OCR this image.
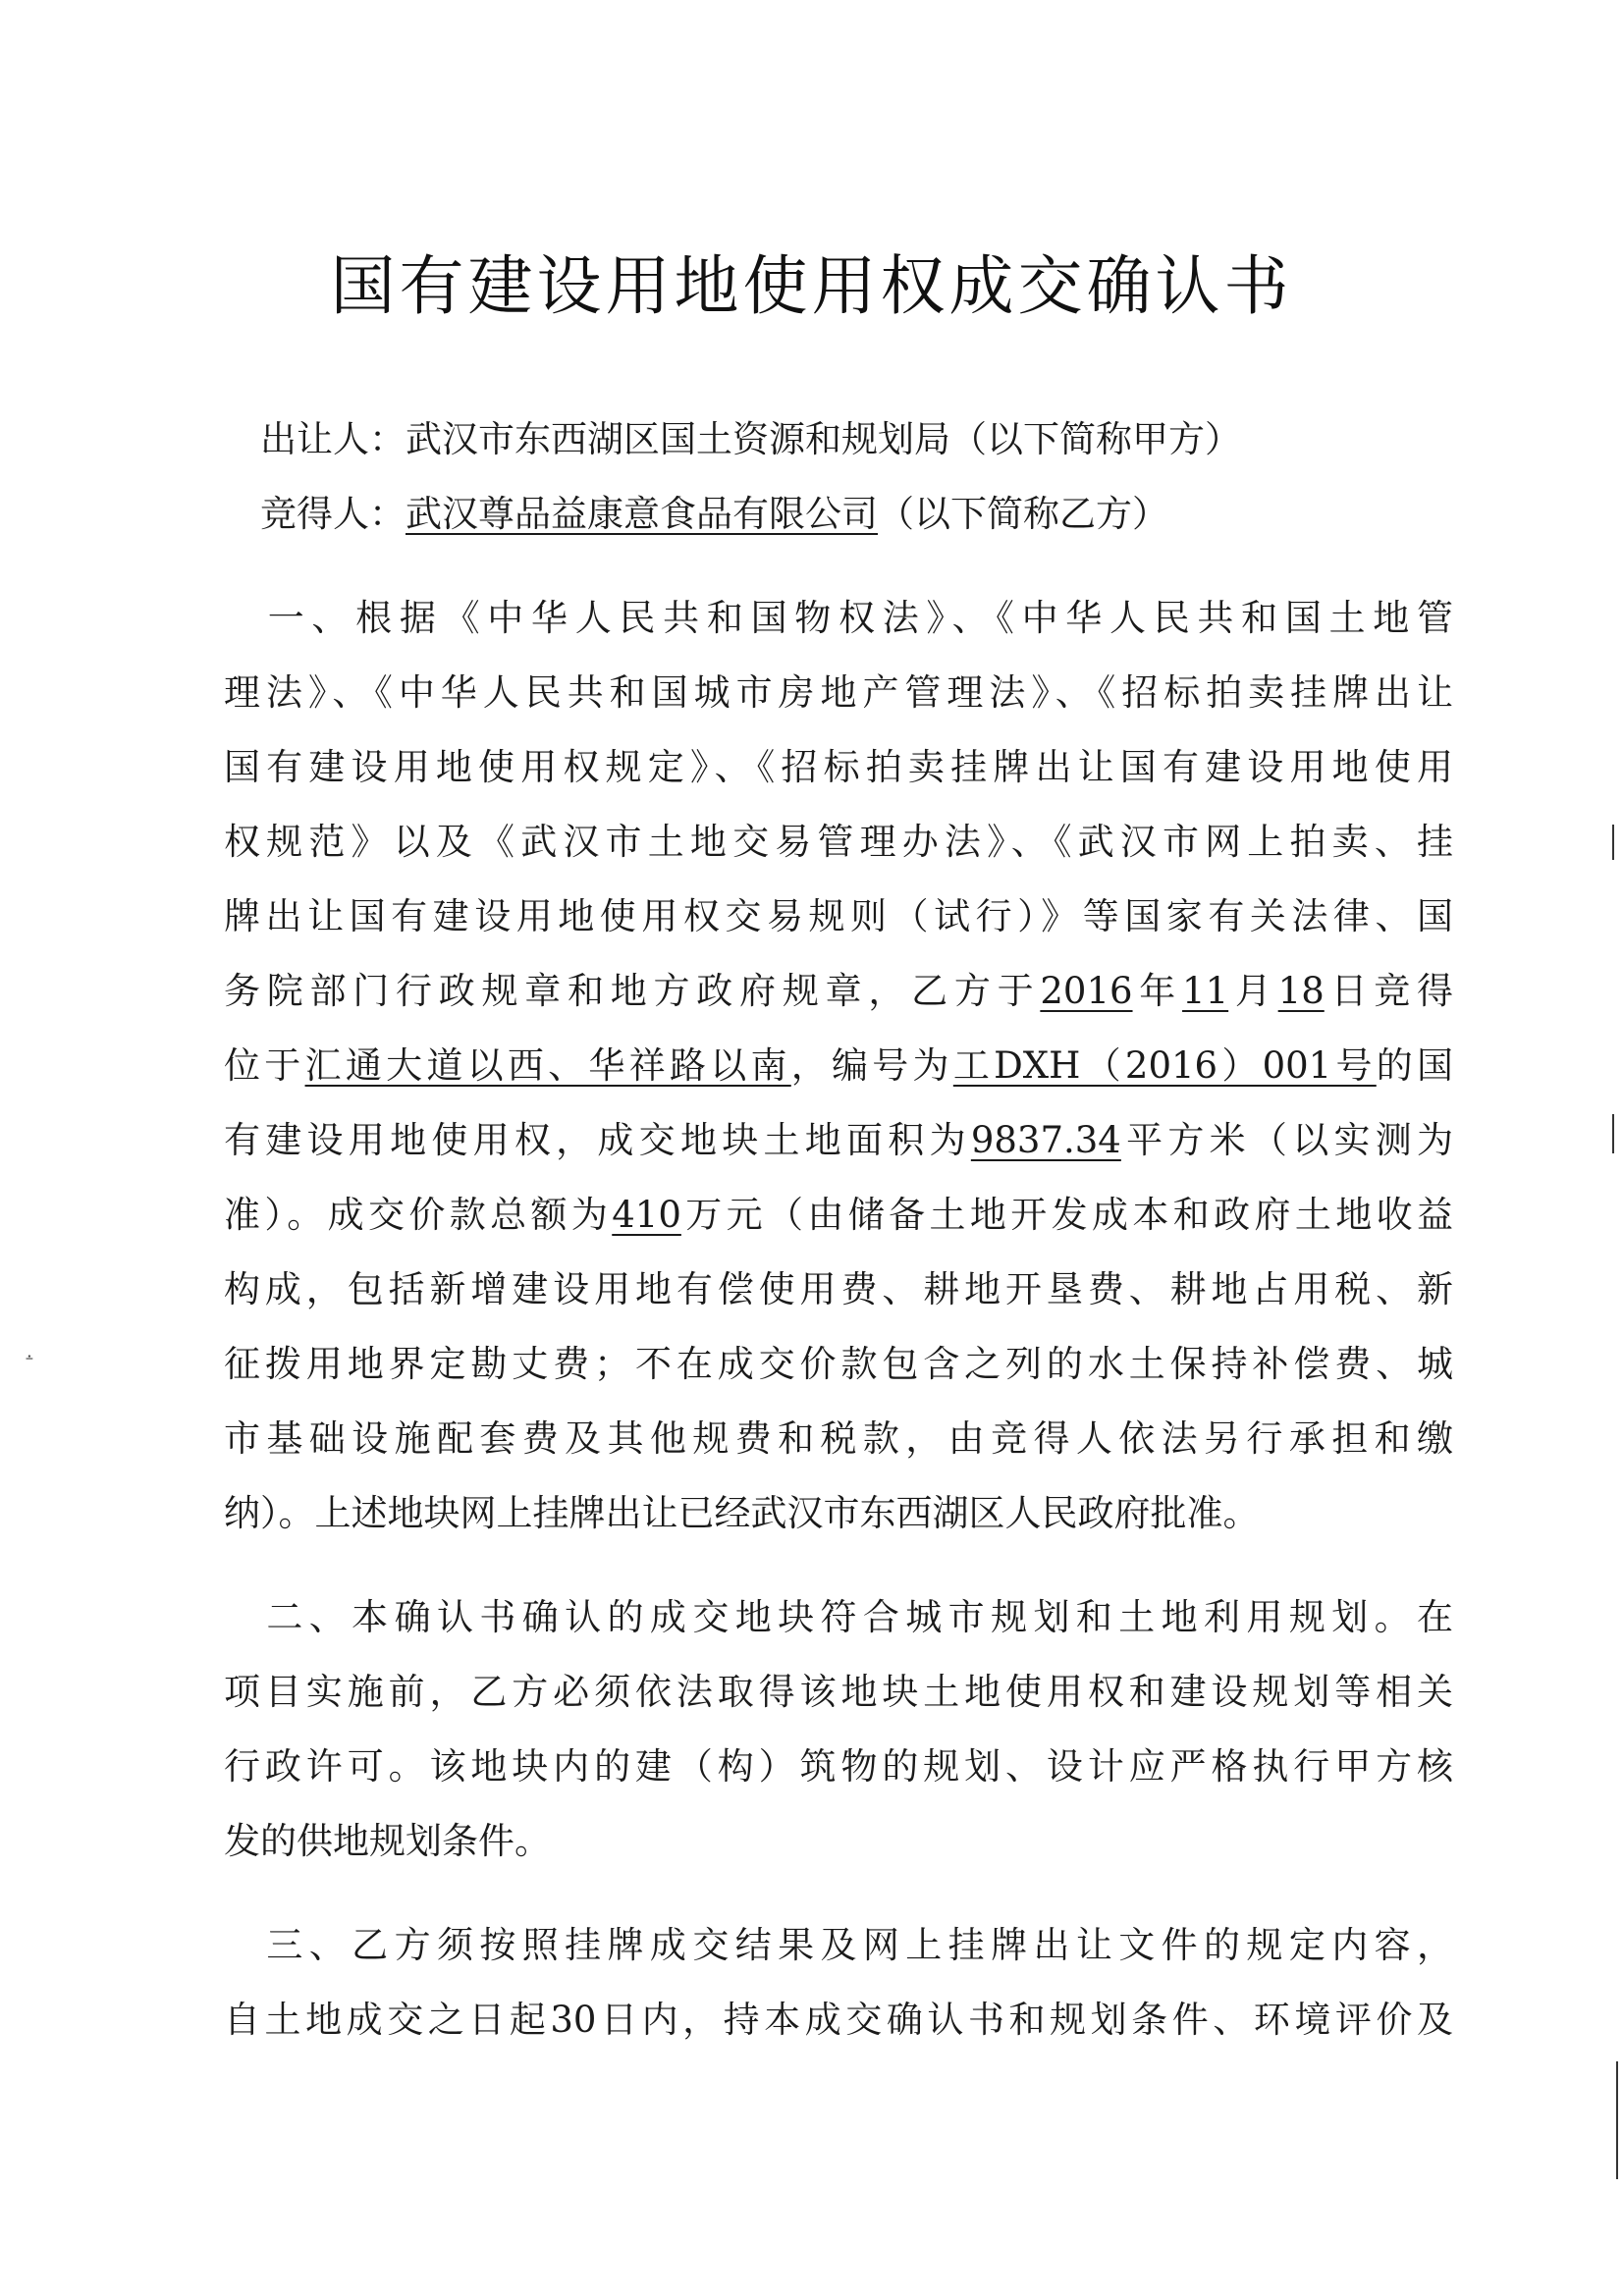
国有建设用地使用权成交确认书
　出让人：武汉市东西湖区国土资源和规划局（以下简称甲方）
　竞得人：武汉尊品益康意食品有限公司（以下简称乙方）
　一、根据《中华人民共和国物权法》、《中华人民共和国土地管
理法》、《中华人民共和国城市房地产管理法》、《招标拍卖挂牌出让
国有建设用地使用权规定》、《招标拍卖挂牌出让国有建设用地使用
权规范》以及《武汉市土地交易管理办法》、《武汉市网上拍卖、挂
牌出让国有建设用地使用权交易规则（试行）》等国家有关法律、国
务院部门行政规章和地方政府规章，乙方于2016年11月18日竞得
位于汇通大道以西、华祥路以南，编号为工DXH（2016）001号的国
有建设用地使用权，成交地块土地面积为9837.34平方米（以实测为
准）。成交价款总额为410万元（由储备土地开发成本和政府土地收益
构成，包括新增建设用地有偿使用费、耕地开垦费、耕地占用税、新
征拨用地界定勘丈费；不在成交价款包含之列的水土保持补偿费、城
市基础设施配套费及其他规费和税款，由竞得人依法另行承担和缴
纳）。上述地块网上挂牌出让已经武汉市东西湖区人民政府批准。
　二、本确认书确认的成交地块符合城市规划和土地利用规划。在
项目实施前，乙方必须依法取得该地块土地使用权和建设规划等相关
行政许可。该地块内的建（构）筑物的规划、设计应严格执行甲方核
发的供地规划条件。
　三、乙方须按照挂牌成交结果及网上挂牌出让文件的规定内容，
自土地成交之日起30日内，持本成交确认书和规划条件、环境评价及
